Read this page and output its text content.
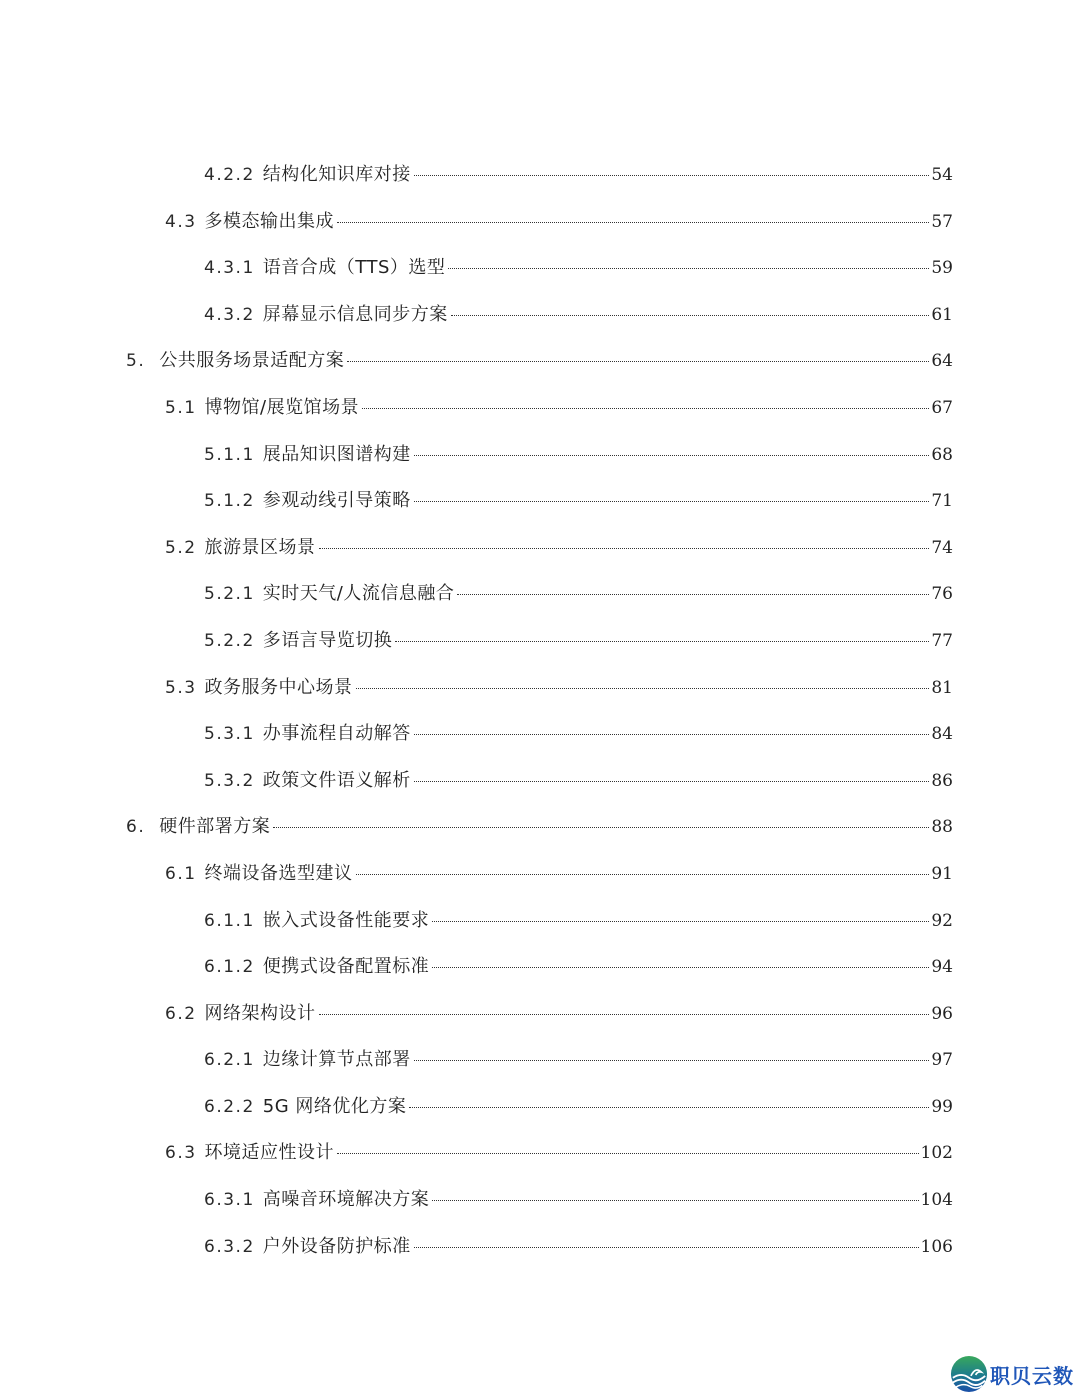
4.2.2 结构化知识库对接	54
4.3 多模态输出集成	57
4.3.1 语音合成（TTS）选型	59
4.3.2 屏幕显示信息同步方案	61
5. 公共服务场景适配方案	64
5.1 博物馆/展览馆场景	67
5.1.1 展品知识图谱构建	68
5.1.2 参观动线引导策略	71
5.2 旅游景区场景	74
5.2.1 实时天气/人流信息融合	76
5.2.2 多语言导览切换	77
5.3 政务服务中心场景	81
5.3.1 办事流程自动解答	84
5.3.2 政策文件语义解析	86
6. 硬件部署方案	88
6.1 终端设备选型建议	91
6.1.1 嵌入式设备性能要求	92
6.1.2 便携式设备配置标准	94
6.2 网络架构设计	96
6.2.1 边缘计算节点部署	97
6.2.2 5G 网络优化方案	99
6.3 环境适应性设计	102
6.3.1 高噪音环境解决方案	104
6.3.2 户外设备防护标准	106
职贝云数
